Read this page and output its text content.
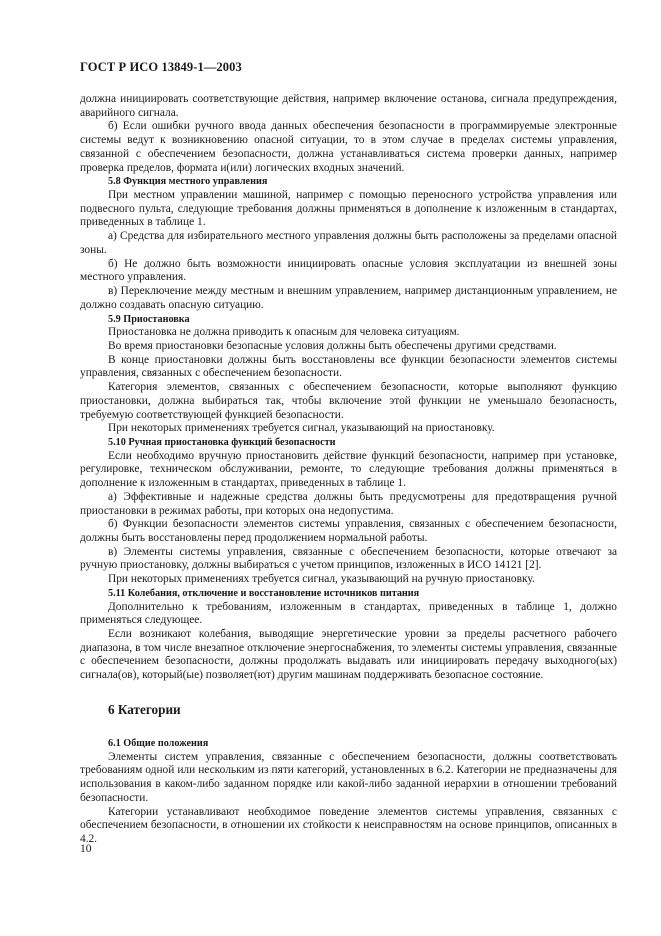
ГОСТ Р ИСО 13849-1—2003

должна инициировать соответствующие действия, например включение останова, сигнала предупреждения, аварийного сигнала.

б) Если ошибки ручного ввода данных обеспечения безопасности в программируемые электронные системы ведут к возникновению опасной ситуации, то в этом случае в пределах системы управления, связанной с обеспечением безопасности, должна устанавливаться система проверки данных, например проверка пределов, формата и(или) логических входных значений.

5.8 Функция местного управления

При местном управлении машиной, например с помощью переносного устройства управления или подвесного пульта, следующие требования должны применяться в дополнение к изложенным в стандартах, приведенных в таблице 1.

а) Средства для избирательного местного управления должны быть расположены за пределами опасной зоны.

б) Не должно быть возможности инициировать опасные условия эксплуатации из внешней зоны местного управления.

в) Переключение между местным и внешним управлением, например дистанционным управлением, не должно создавать опасную ситуацию.

5.9 Приостановка

Приостановка не должна приводить к опасным для человека ситуациям.

Во время приостановки безопасные условия должны быть обеспечены другими средствами.

В конце приостановки должны быть восстановлены все функции безопасности элементов системы управления, связанных с обеспечением безопасности.

Категория элементов, связанных с обеспечением безопасности, которые выполняют функцию приостановки, должна выбираться так, чтобы включение этой функции не уменьшало безопасность, требуемую соответствующей функцией безопасности.

При некоторых применениях требуется сигнал, указывающий на приостановку.

5.10 Ручная приостановка функций безопасности

Если необходимо вручную приостановить действие функций безопасности, например при установке, регулировке, техническом обслуживании, ремонте, то следующие требования должны применяться в дополнение к изложенным в стандартах, приведенных в таблице 1.

а) Эффективные и надежные средства должны быть предусмотрены для предотвращения ручной приостановки в режимах работы, при которых она недопустима.

б) Функции безопасности элементов системы управления, связанных с обеспечением безопасности, должны быть восстановлены перед продолжением нормальной работы.

в) Элементы системы управления, связанные с обеспечением безопасности, которые отвечают за ручную приостановку, должны выбираться с учетом принципов, изложенных в ИСО 14121 [2].

При некоторых применениях требуется сигнал, указывающий на ручную приостановку.

5.11 Колебания, отключение и восстановление источников питания

Дополнительно к требованиям, изложенным в стандартах, приведенных в таблице 1, должно применяться следующее.

Если возникают колебания, выводящие энергетические уровни за пределы расчетного рабочего диапазона, в том числе внезапное отключение энергоснабжения, то элементы системы управления, связанные с обеспечением безопасности, должны продолжать выдавать или инициировать передачу выходного(ых) сигнала(ов), который(ые) позволяет(ют) другим машинам поддерживать безопасное состояние.

6 Категории
6.1 Общие положения

Элементы систем управления, связанные с обеспечением безопасности, должны соответствовать требованиям одной или нескольким из пяти категорий, установленных в 6.2. Категории не предназначены для использования в каком-либо заданном порядке или какой-либо заданной иерархии в отношении требований безопасности.

Категории устанавливают необходимое поведение элементов системы управления, связанных с обеспечением безопасности, в отношении их стойкости к неисправностям на основе принципов, описанных в 4.2.

10
